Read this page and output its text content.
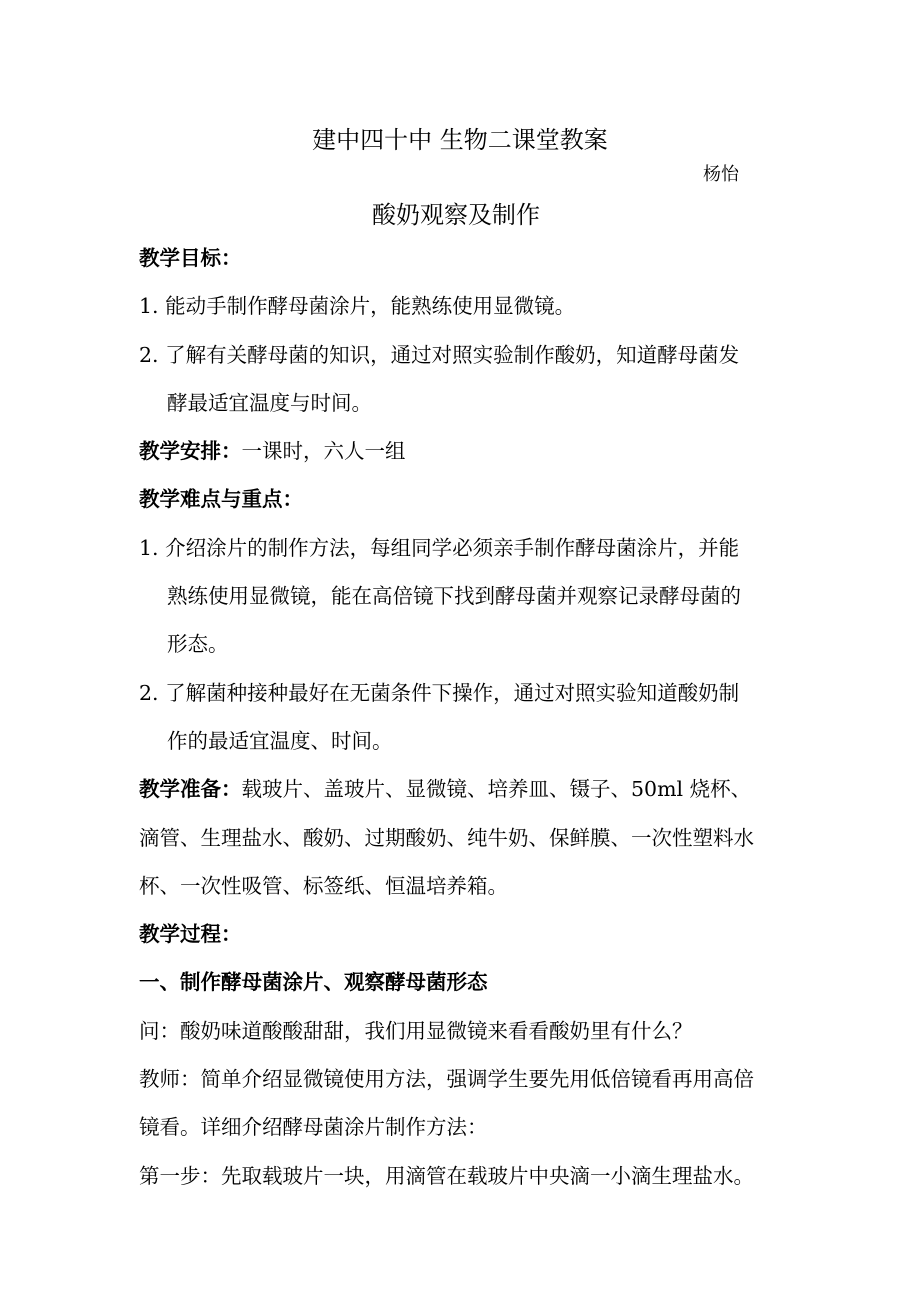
建中四十中 生物二课堂教案
杨怡
酸奶观察及制作
教学目标：
1. 能动手制作酵母菌涂片，能熟练使用显微镜。
2. 了解有关酵母菌的知识，通过对照实验制作酸奶，知道酵母菌发
酵最适宜温度与时间。
教学安排：一课时，六人一组
教学难点与重点：
1. 介绍涂片的制作方法，每组同学必须亲手制作酵母菌涂片，并能
熟练使用显微镜，能在高倍镜下找到酵母菌并观察记录酵母菌的
形态。
2. 了解菌种接种最好在无菌条件下操作，通过对照实验知道酸奶制
作的最适宜温度、时间。
教学准备：载玻片、盖玻片、显微镜、培养皿、镊子、50ml 烧杯、
滴管、生理盐水、酸奶、过期酸奶、纯牛奶、保鲜膜、一次性塑料水
杯、一次性吸管、标签纸、恒温培养箱。
教学过程：
一、制作酵母菌涂片、观察酵母菌形态
问：酸奶味道酸酸甜甜，我们用显微镜来看看酸奶里有什么？
教师：简单介绍显微镜使用方法，强调学生要先用低倍镜看再用高倍
镜看。详细介绍酵母菌涂片制作方法：
第一步：先取载玻片一块，用滴管在载玻片中央滴一小滴生理盐水。
